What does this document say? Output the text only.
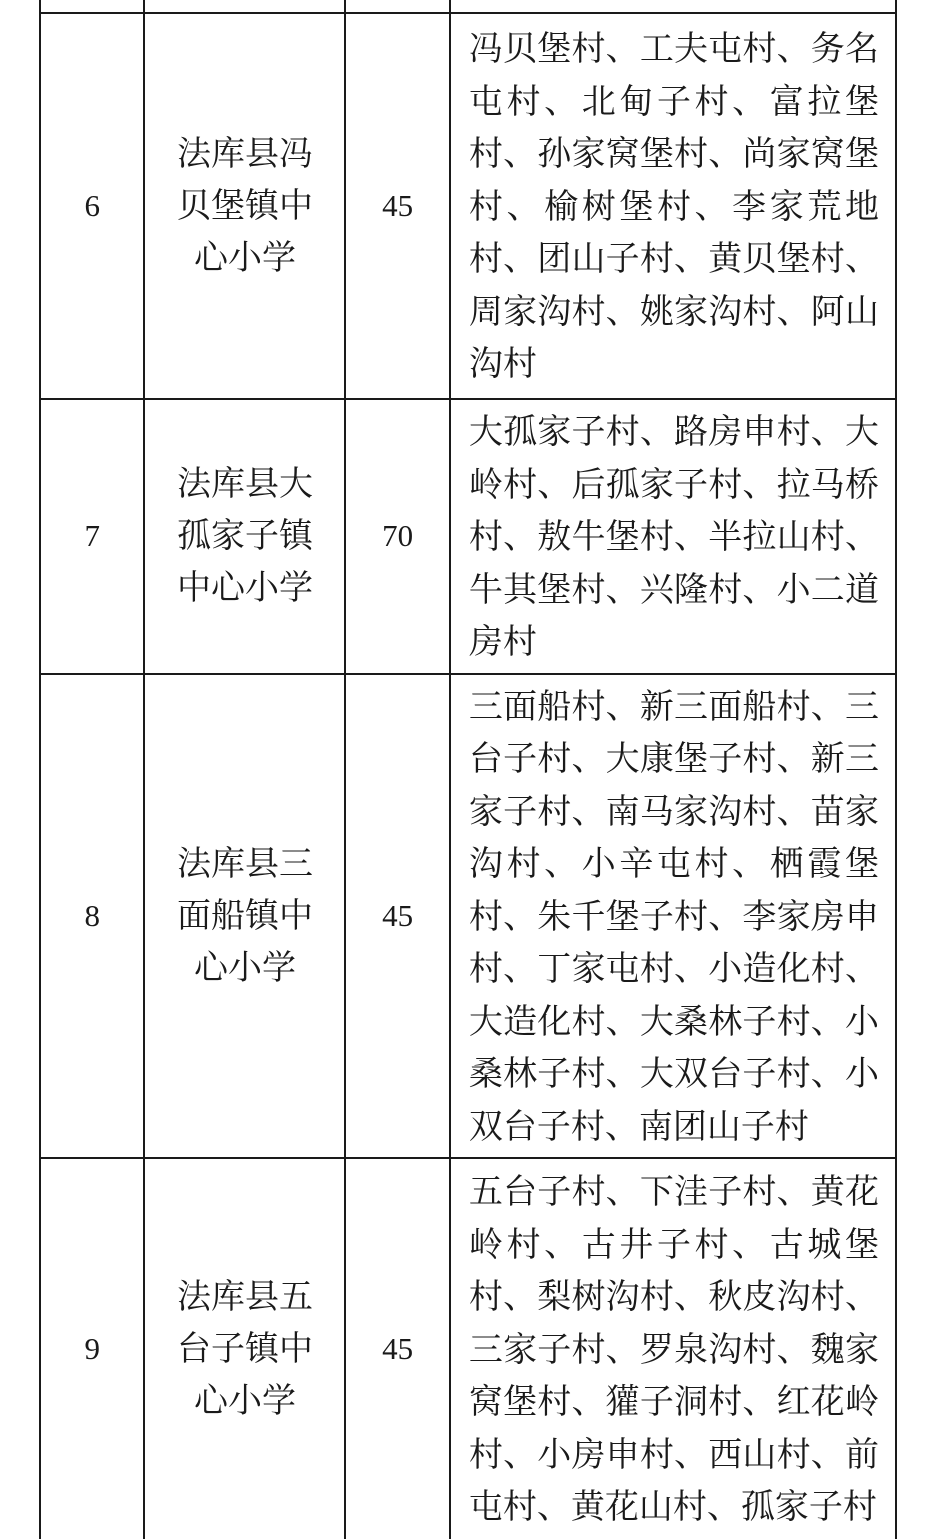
6	法库县冯贝堡镇中心小学	45	冯贝堡村、工夫屯村、务名屯村、北甸子村、富拉堡村、孙家窝堡村、尚家窝堡村、榆树堡村、李家荒地村、团山子村、黄贝堡村、周家沟村、姚家沟村、阿山沟村

7	法库县大孤家子镇中心小学	70	大孤家子村、路房申村、大岭村、后孤家子村、拉马桥村、敖牛堡村、半拉山村、牛其堡村、兴隆村、小二道房村

8	法库县三面船镇中心小学	45	三面船村、新三面船村、三台子村、大康堡子村、新三家子村、南马家沟村、苗家沟村、小辛屯村、栖霞堡村、朱千堡子村、李家房申村、丁家屯村、小造化村、大造化村、大桑林子村、小桑林子村、大双台子村、小双台子村、南团山子村

9	法库县五台子镇中心小学	45	五台子村、下洼子村、黄花岭村、古井子村、古城堡村、梨树沟村、秋皮沟村、三家子村、罗泉沟村、魏家窝堡村、獾子洞村、红花岭村、小房申村、西山村、前屯村、黄花山村、孤家子村
